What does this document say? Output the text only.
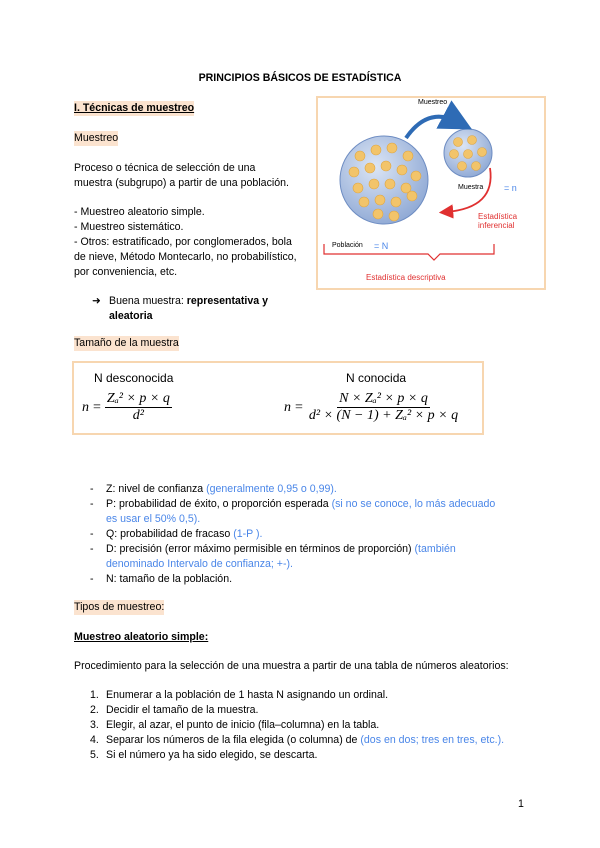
PRINCIPIOS BÁSICOS DE ESTADÍSTICA
I. Técnicas de muestreo
Muestreo
Proceso o técnica de selección de una
muestra (subgrupo) a partir de una población.
- Muestreo aleatorio simple.
- Muestreo sistemático.
- Otros: estratificado, por conglomerados, bola
de nieve, Método Montecarlo, no probabilístico,
por conveniencia, etc.
➜ Buena muestra: representativa y
aleatoria
Muestreo
Muestra = n
Estadística inferencial
Población = N
Estadística descriptiva
Tamaño de la muestra
N desconocida	N conocida
$n = \frac{\text{Zₐ² × p × q}}{\text{d²}}$	$n = \frac{\text{N × Zₐ² × p × q}}{\text{d² × (N − 1) + Zₐ² × p × q}}$
- Z: nivel de confianza (generalmente 0,95 o 0,99).
- P: probabilidad de éxito, o proporción esperada (si no se conoce, lo más adecuado
es usar el 50% 0,5).
- Q: probabilidad de fracaso (1-P ).
- D: precisión (error máximo permisible en términos de proporción) (también
denominado Intervalo de confianza; +-).
- N: tamaño de la población.
Tipos de muestreo:
Muestreo aleatorio simple:
Procedimiento para la selección de una muestra a partir de una tabla de números aleatorios:
1. Enumerar a la población de 1 hasta N asignando un ordinal.
2. Decidir el tamaño de la muestra.
3. Elegir, al azar, el punto de inicio (fila–columna) en la tabla.
4. Separar los números de la fila elegida (o columna) de (dos en dos; tres en tres, etc.).
5. Si el número ya ha sido elegido, se descarta.
1
